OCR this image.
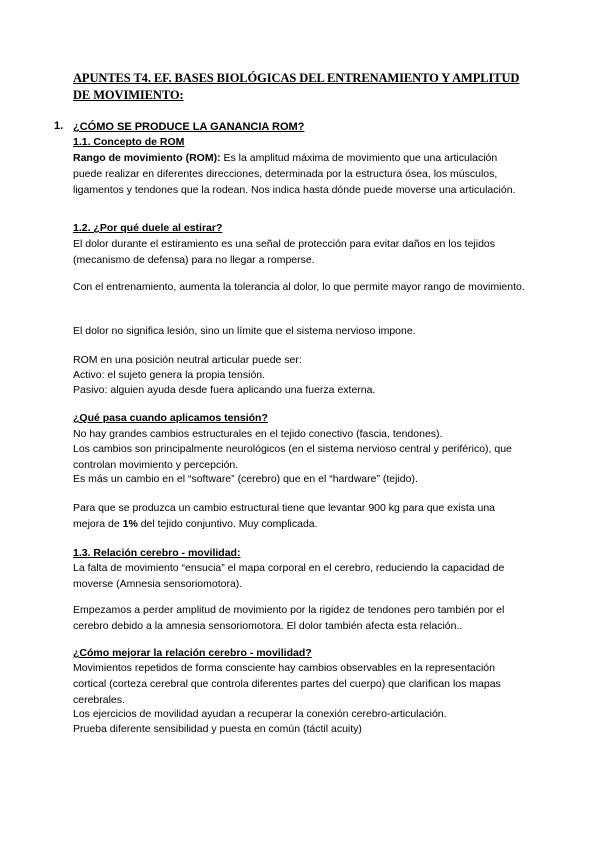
APUNTES T4. EF. BASES BIOLÓGICAS DEL ENTRENAMIENTO Y AMPLITUD DE MOVIMIENTO:
1. ¿CÓMO SE PRODUCE LA GANANCIA ROM?
1.1. Concepto de ROM
Rango de movimiento (ROM): Es la amplitud máxima de movimiento que una articulación puede realizar en diferentes direcciones, determinada por la estructura ósea, los músculos, ligamentos y tendones que la rodean. Nos indica hasta dónde puede moverse una articulación.
1.2. ¿Por qué duele al estirar?
El dolor durante el estiramiento es una señal de protección para evitar daños en los tejidos (mecanismo de defensa) para no llegar a romperse.
Con el entrenamiento, aumenta la tolerancia al dolor, lo que permite mayor rango de movimiento.
El dolor no significa lesión, sino un límite que el sistema nervioso impone.
ROM en una posición neutral articular puede ser:
Activo: el sujeto genera la propia tensión.
Pasivo: alguien ayuda desde fuera aplicando una fuerza externa.
¿Qué pasa cuando aplicamos tensión?
No hay grandes cambios estructurales en el tejido conectivo (fascia, tendones).
Los cambios son principalmente neurológicos (en el sistema nervioso central y periférico), que controlan movimiento y percepción.
Es más un cambio en el “software” (cerebro) que en el “hardware” (tejido).
Para que se produzca un cambio estructural tiene que levantar 900 kg para que exista una mejora de 1% del tejido conjuntivo. Muy complicada.
1.3. Relación cerebro - movilidad:
La falta de movimiento “ensucia” el mapa corporal en el cerebro, reduciendo la capacidad de moverse (Amnesia sensoriomotora).
Empezamos a perder amplitud de movimiento por la rigidez de tendones pero también por el cerebro debido a la amnesia sensoriomotora. El dolor también afecta esta relación..
¿Cómo mejorar la relación cerebro - movilidad?
Movimientos repetidos de forma consciente hay cambios observables en la representación cortical (corteza cerebral que controla diferentes partes del cuerpo) que clarifican los mapas cerebrales.
Los ejercicios de movilidad ayudan a recuperar la conexión cerebro-articulación.
Prueba diferente sensibilidad y puesta en común (táctil acuity)
